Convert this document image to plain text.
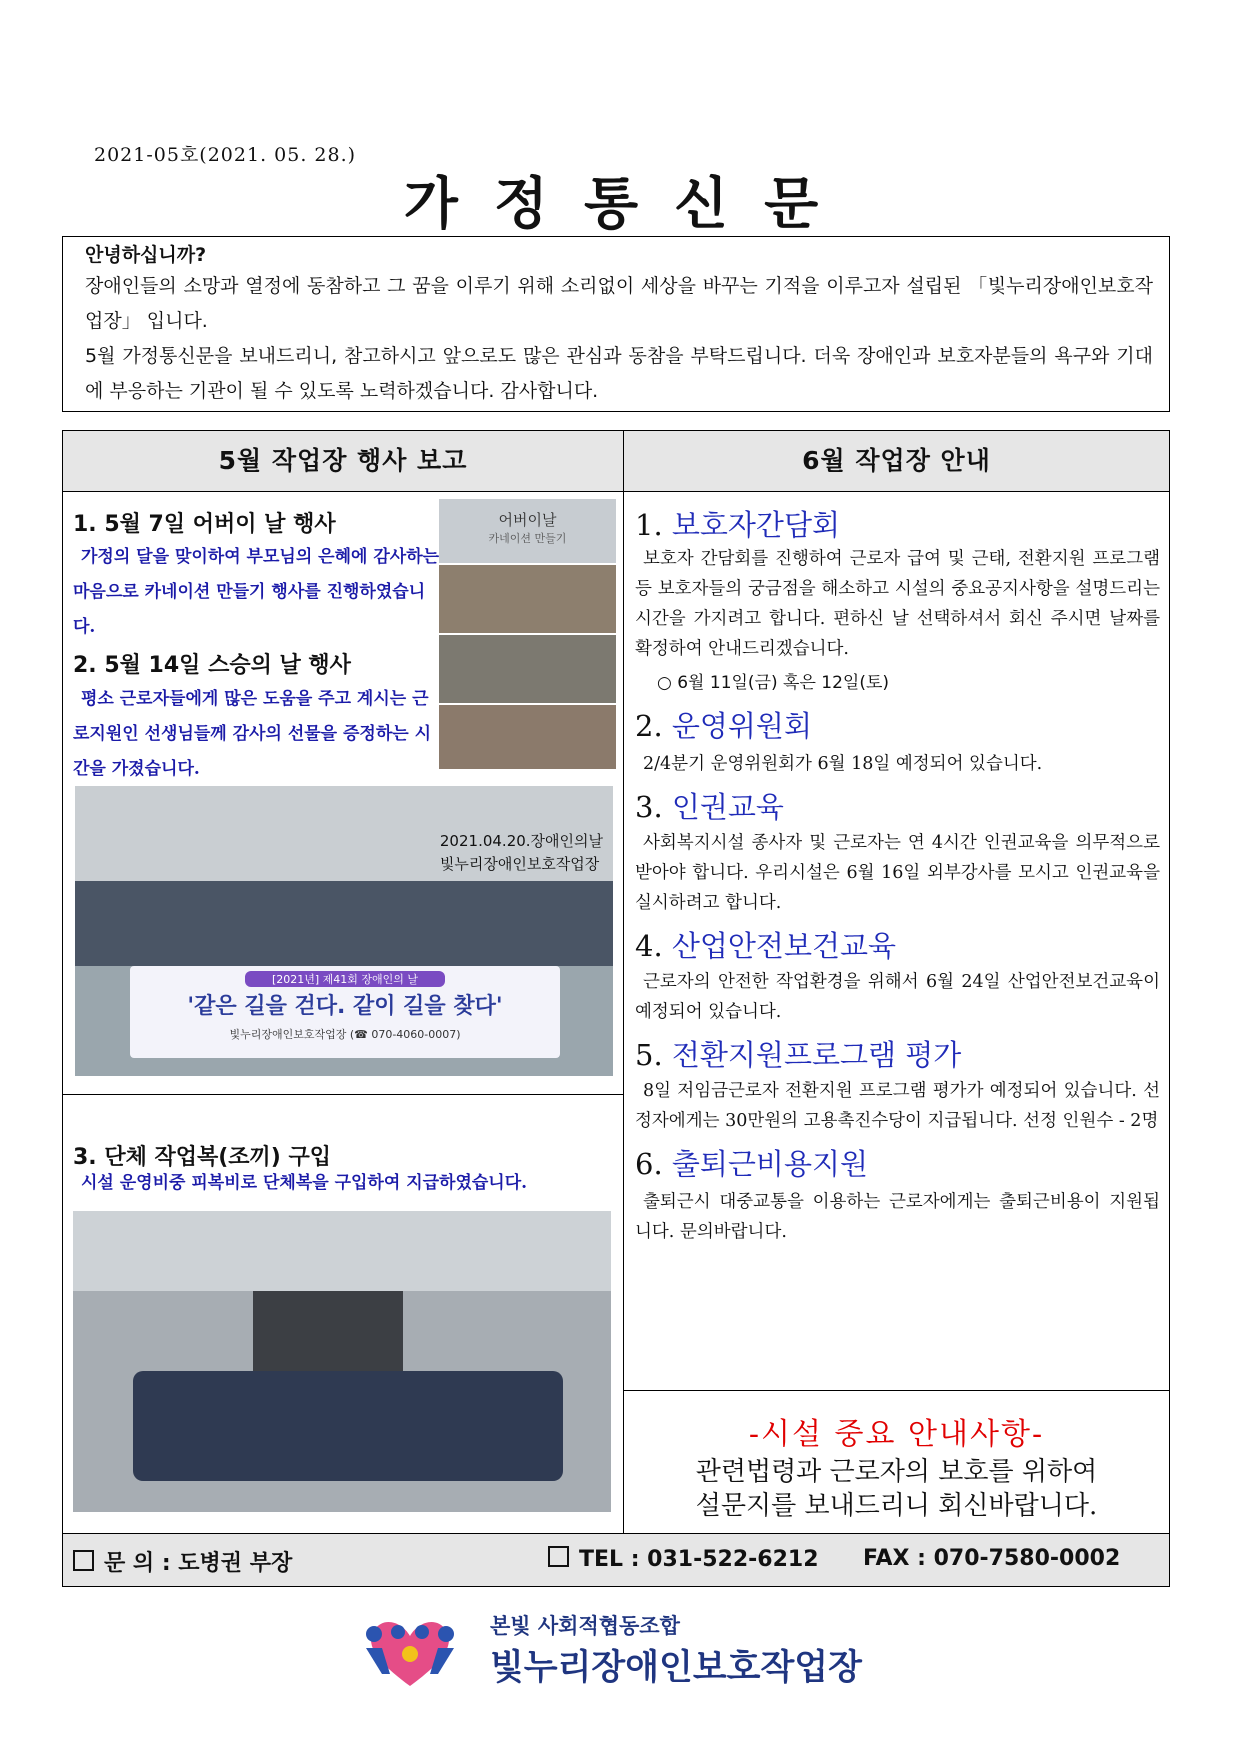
2021-05호(2021. 05. 28.)
가정통신문
안녕하십니까?

장애인들의 소망과 열정에 동참하고 그 꿈을 이루기 위해 소리없이 세상을 바꾸는 기적을 이루고자 설립된 「빛누리장애인보호작업장」 입니다.

5월 가정통신문을 보내드리니, 참고하시고 앞으로도 많은 관심과 동참을 부탁드립니다. 더욱 장애인과 보호자분들의 욕구와 기대에 부응하는 기관이 될 수 있도록 노력하겠습니다. 감사합니다.

5월 작업장 행사 보고	6월 작업장 안내
1. 5월 7일 어버이 날 행사
가정의 달을 맞이하여 부모님의 은혜에 감사하는 마음으로 카네이션 만들기 행사를 진행하였습니다.
2. 5월 14일 스승의 날 행사
평소 근로자들에게 많은 도움을 주고 계시는 근로지원인 선생님들께 감사의 선물을 증정하는 시간을 가졌습니다.
어버이날
카네이션 만들기
2021.04.20.장애인의날
빛누리장애인보호작업장
[2021년] 제41회 장애인의 날
'같은 길을 걷다. 같이 길을 찾다'
빛누리장애인보호작업장 (☎ 070-4060-0007)
3. 단체 작업복(조끼) 구입
시설 운영비중 피복비로 단체복을 구입하여 지급하였습니다.
1. 보호자간담회
보호자 간담회를 진행하여 근로자 급여 및 근태, 전환지원 프로그램등 보호자들의 궁금점을 해소하고 시설의 중요공지사항을 설명드리는 시간을 가지려고 합니다. 편하신 날 선택하셔서 회신 주시면 날짜를 확정하여 안내드리겠습니다.
○ 6월 11일(금) 혹은 12일(토)
2. 운영위원회
2/4분기 운영위원회가 6월 18일 예정되어 있습니다.
3. 인권교육
사회복지시설 종사자 및 근로자는 연 4시간 인권교육을 의무적으로 받아야 합니다. 우리시설은 6월 16일 외부강사를 모시고 인권교육을 실시하려고 합니다.
4. 산업안전보건교육
근로자의 안전한 작업환경을 위해서 6월 24일 산업안전보건교육이 예정되어 있습니다.
5. 전환지원프로그램 평가
8일 저임금근로자 전환지원 프로그램 평가가 예정되어 있습니다. 선정자에게는 30만원의 고용촉진수당이 지급됩니다. 선정 인원수 - 2명
6. 출퇴근비용지원
출퇴근시 대중교통을 이용하는 근로자에게는 출퇴근비용이 지원됩니다. 문의바랍니다.
-시설 중요 안내사항-
관련법령과 근로자의 보호를 위하여
설문지를 보내드리니 회신바랍니다.
문 의 : 도병권 부장	TEL : 031-522-6212 FAX : 070-7580-0002
본빛 사회적협동조합
빛누리장애인보호작업장
